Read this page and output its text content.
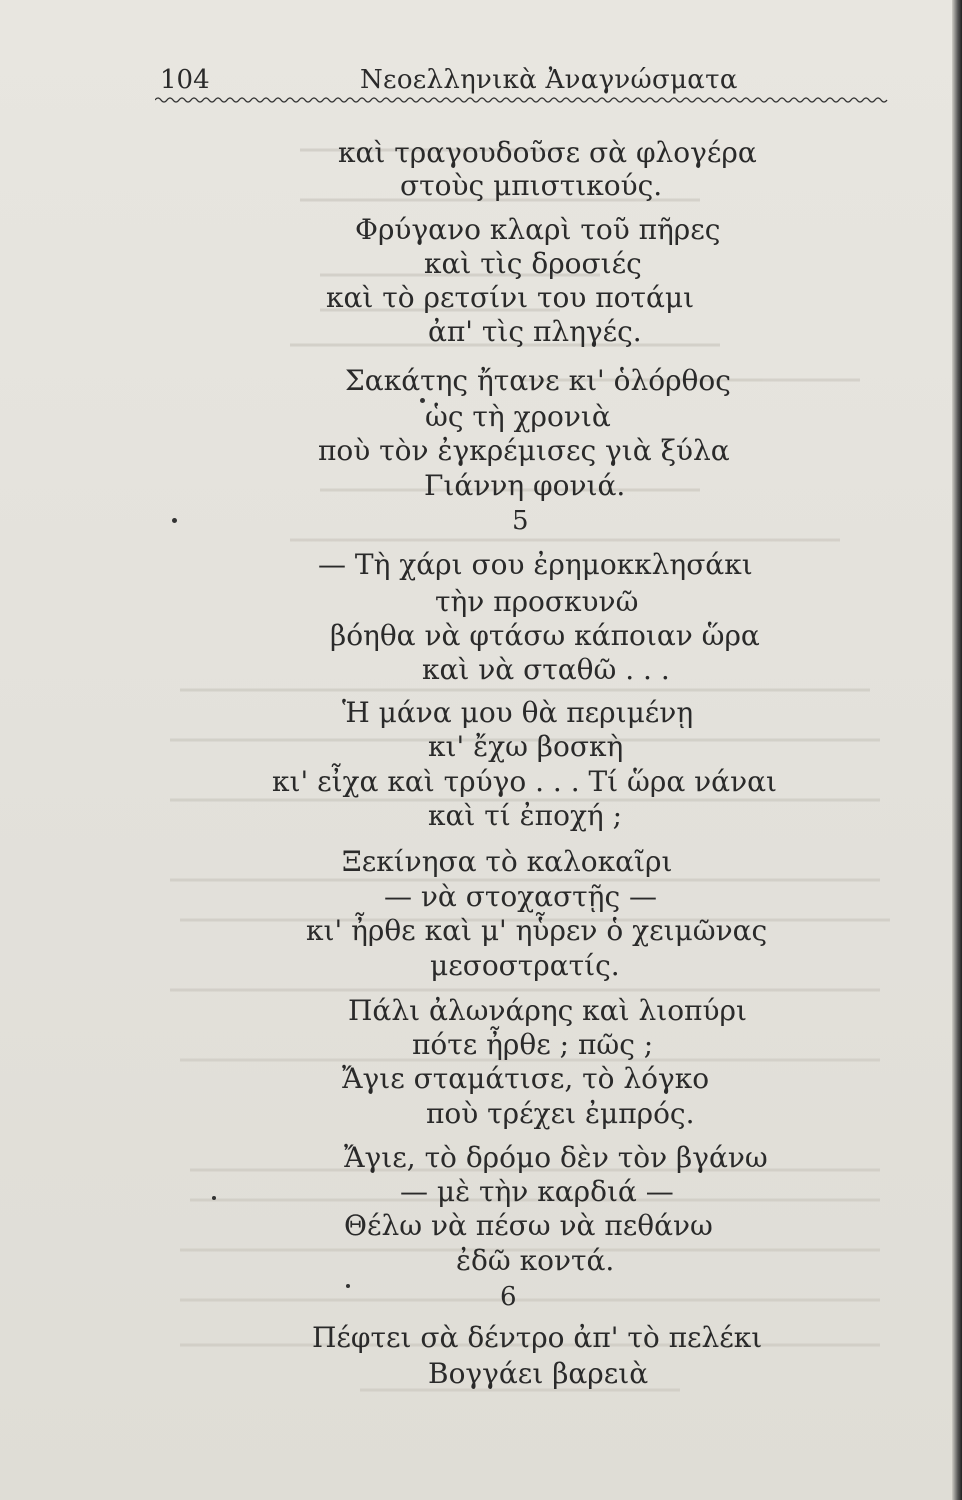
104	Νεοελληνικὰ Ἀναγνώσματα
καὶ τραγουδοῦσε σὰ φλογέρα
στοὺς μπιστικούς.
Φρύγανο κλαρὶ τοῦ πῆρες
καὶ τὶς δροσιές
καὶ τὸ ρετσίνι του ποτάμι
ἀπ' τὶς πληγές.
Σακάτης ἤτανε κι' ὁλόρθος
ὡς τὴ χρονιὰ
ποὺ τὸν ἐγκρέμισες γιὰ ξύλα
Γιάννη φονιά.
5
— Τὴ χάρι σου ἐρημοκκλησάκι
τὴν προσκυνῶ
βόηθα νὰ φτάσω κάποιαν ὥρα
καὶ νὰ σταθῶ . . .
Ἡ μάνα μου θὰ περιμένῃ
κι' ἔχω βοσκὴ
κι' εἶχα καὶ τρύγο . . . Τί ὥρα νάναι
καὶ τί ἐποχή ;
Ξεκίνησα τὸ καλοκαῖρι
— νὰ στοχαστῇς —
κι' ἦρθε καὶ μ' ηὗρεν ὁ χειμῶνας
μεσοστρατίς.
Πάλι ἀλωνάρης καὶ λιοπύρι
πότε ἦρθε ; πῶς ;
Ἄγιε σταμάτισε, τὸ λόγκο
ποὺ τρέχει ἐμπρός.
Ἄγιε, τὸ δρόμο δὲν τὸν βγάνω
— μὲ τὴν καρδιά —
Θέλω νὰ πέσω νὰ πεθάνω
ἐδῶ κοντά.
6
Πέφτει σὰ δέντρο ἀπ' τὸ πελέκι
Βογγάει βαρειὰ
